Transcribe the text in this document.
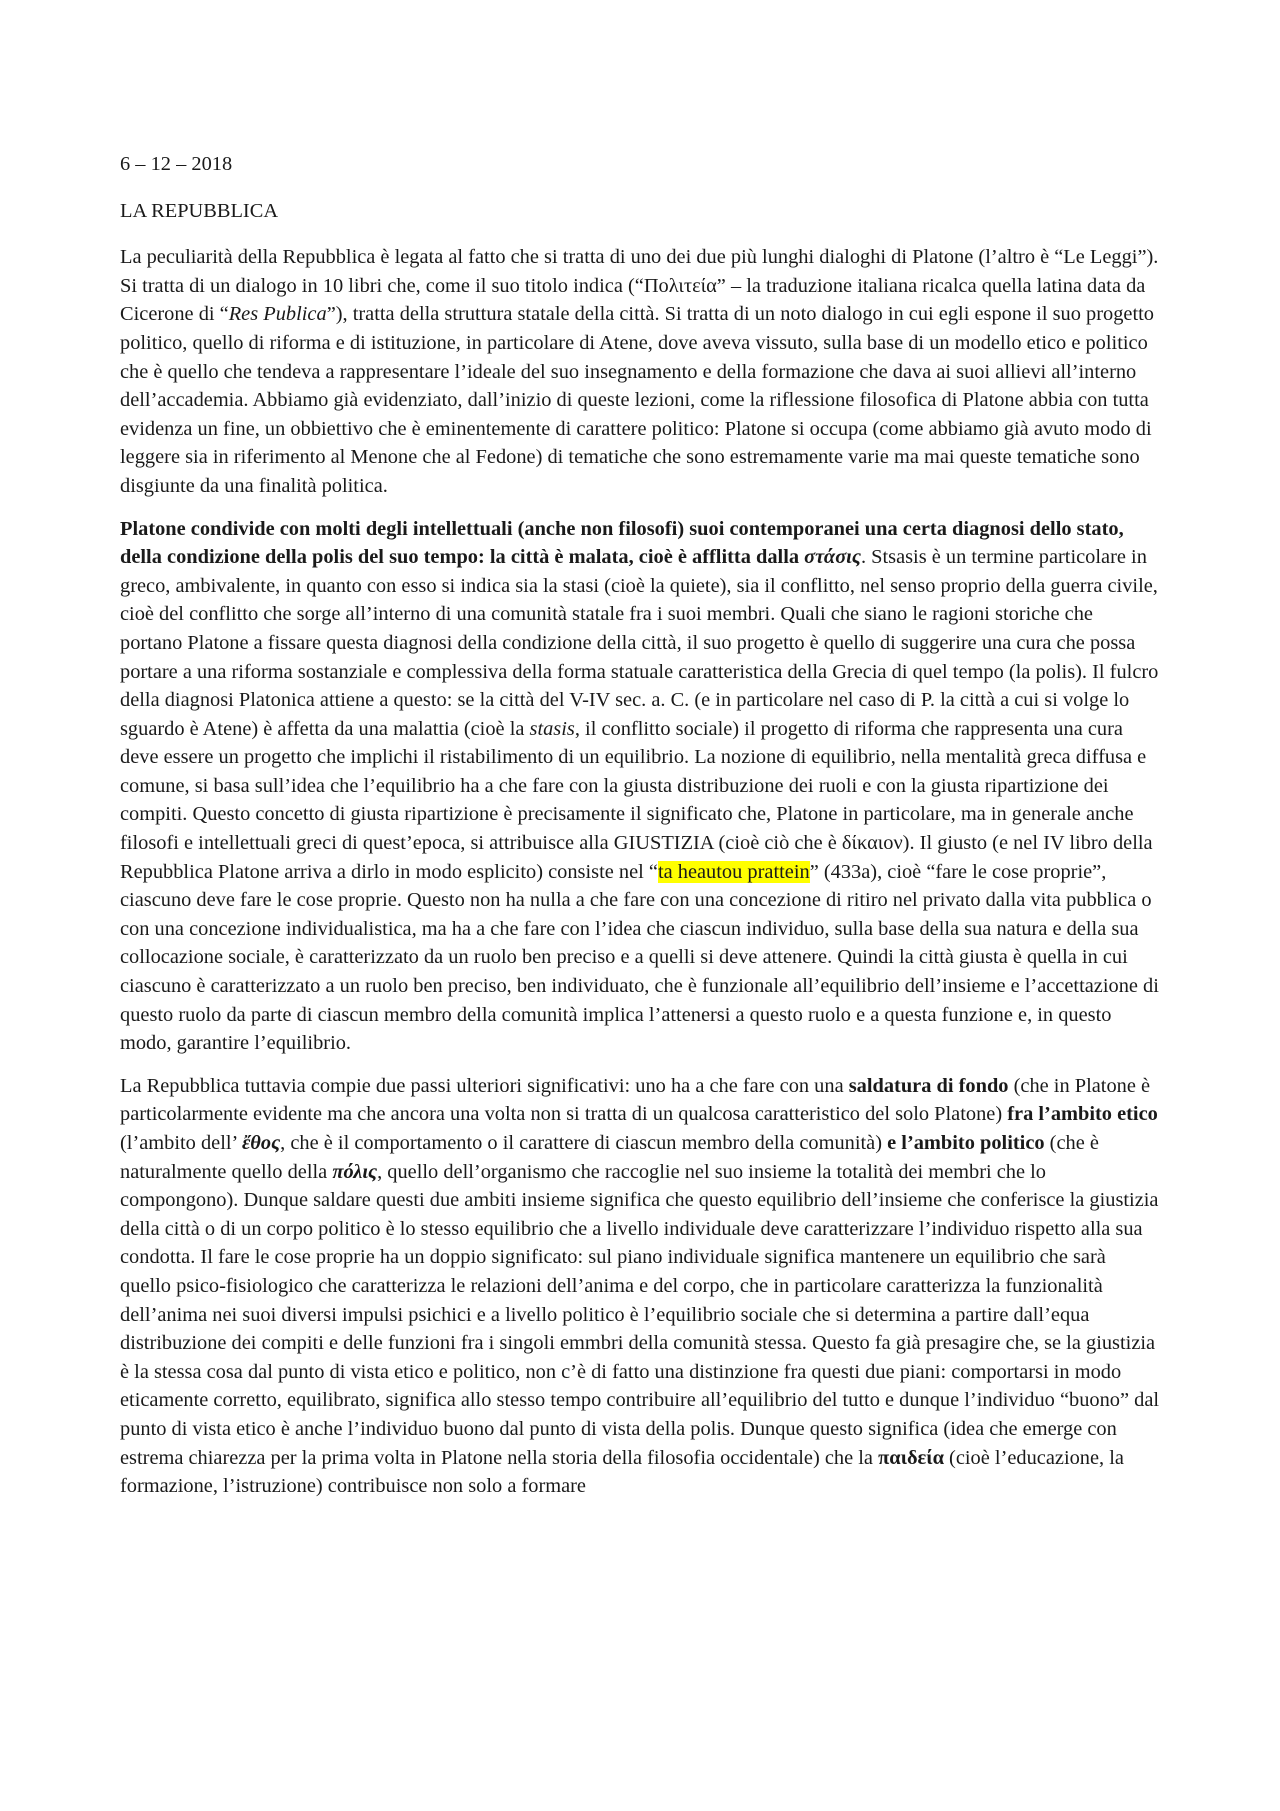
6 – 12 – 2018

LA REPUBBLICA

La peculiarità della Repubblica è legata al fatto che si tratta di uno dei due più lunghi dialoghi di Platone (l’altro è “Le Leggi”). Si tratta di un dialogo in 10 libri che, come il suo titolo indica (“Πολιτεία” – la traduzione italiana ricalca quella latina data da Cicerone di “Res Publica”), tratta della struttura statale della città. Si tratta di un noto dialogo in cui egli espone il suo progetto politico, quello di riforma e di istituzione, in particolare di Atene, dove aveva vissuto, sulla base di un modello etico e politico che è quello che tendeva a rappresentare l’ideale del suo insegnamento e della formazione che dava ai suoi allievi all’interno dell’accademia. Abbiamo già evidenziato, dall’inizio di queste lezioni, come la riflessione filosofica di Platone abbia con tutta evidenza un fine, un obbiettivo che è eminentemente di carattere politico: Platone si occupa (come abbiamo già avuto modo di leggere sia in riferimento al Menone che al Fedone) di tematiche che sono estremamente varie ma mai queste tematiche sono disgiunte da una finalità politica.

Platone condivide con molti degli intellettuali (anche non filosofi) suoi contemporanei una certa diagnosi dello stato, della condizione della polis del suo tempo: la città è malata, cioè è afflitta dalla στάσις. Stsasis è un termine particolare in greco, ambivalente, in quanto con esso si indica sia la stasi (cioè la quiete), sia il conflitto, nel senso proprio della guerra civile, cioè del conflitto che sorge all’interno di una comunità statale fra i suoi membri. Quali che siano le ragioni storiche che portano Platone a fissare questa diagnosi della condizione della città, il suo progetto è quello di suggerire una cura che possa portare a una riforma sostanziale e complessiva della forma statuale caratteristica della Grecia di quel tempo (la polis). Il fulcro della diagnosi Platonica attiene a questo: se la città del V-IV sec. a. C. (e in particolare nel caso di P. la città a cui si volge lo sguardo è Atene) è affetta da una malattia (cioè la stasis, il conflitto sociale) il progetto di riforma che rappresenta una cura deve essere un progetto che implichi il ristabilimento di un equilibrio. La nozione di equilibrio, nella mentalità greca diffusa e comune, si basa sull’idea che l’equilibrio ha a che fare con la giusta distribuzione dei ruoli e con la giusta ripartizione dei compiti. Questo concetto di giusta ripartizione è precisamente il significato che, Platone in particolare, ma in generale anche filosofi e intellettuali greci di quest’epoca, si attribuisce alla GIUSTIZIA (cioè ciò che è δίκαιον). Il giusto (e nel IV libro della Repubblica Platone arriva a dirlo in modo esplicito) consiste nel “ta heautou prattein” (433a), cioè “fare le cose proprie”, ciascuno deve fare le cose proprie. Questo non ha nulla a che fare con una concezione di ritiro nel privato dalla vita pubblica o con una concezione individualistica, ma ha a che fare con l’idea che ciascun individuo, sulla base della sua natura e della sua collocazione sociale, è caratterizzato da un ruolo ben preciso e a quelli si deve attenere. Quindi la città giusta è quella in cui ciascuno è caratterizzato a un ruolo ben preciso, ben individuato, che è funzionale all’equilibrio dell’insieme e l’accettazione di questo ruolo da parte di ciascun membro della comunità implica l’attenersi a questo ruolo e a questa funzione e, in questo modo, garantire l’equilibrio.

La Repubblica tuttavia compie due passi ulteriori significativi: uno ha a che fare con una saldatura di fondo (che in Platone è particolarmente evidente ma che ancora una volta non si tratta di un qualcosa caratteristico del solo Platone) fra l’ambito etico (l’ambito dell’ ἔθος, che è il comportamento o il carattere di ciascun membro della comunità) e l’ambito politico (che è naturalmente quello della πόλις, quello dell’organismo che raccoglie nel suo insieme la totalità dei membri che lo compongono). Dunque saldare questi due ambiti insieme significa che questo equilibrio dell’insieme che conferisce la giustizia della città o di un corpo politico è lo stesso equilibrio che a livello individuale deve caratterizzare l’individuo rispetto alla sua condotta. Il fare le cose proprie ha un doppio significato: sul piano individuale significa mantenere un equilibrio che sarà quello psico-fisiologico che caratterizza le relazioni dell’anima e del corpo, che in particolare caratterizza la funzionalità dell’anima nei suoi diversi impulsi psichici e a livello politico è l’equilibrio sociale che si determina a partire dall’equa distribuzione dei compiti e delle funzioni fra i singoli emmbri della comunità stessa. Questo fa già presagire che, se la giustizia è la stessa cosa dal punto di vista etico e politico, non c’è di fatto una distinzione fra questi due piani: comportarsi in modo eticamente corretto, equilibrato, significa allo stesso tempo contribuire all’equilibrio del tutto e dunque l’individuo “buono” dal punto di vista etico è anche l’individuo buono dal punto di vista della polis. Dunque questo significa (idea che emerge con estrema chiarezza per la prima volta in Platone nella storia della filosofia occidentale) che la παιδεία (cioè l’educazione, la formazione, l’istruzione) contribuisce non solo a formare
